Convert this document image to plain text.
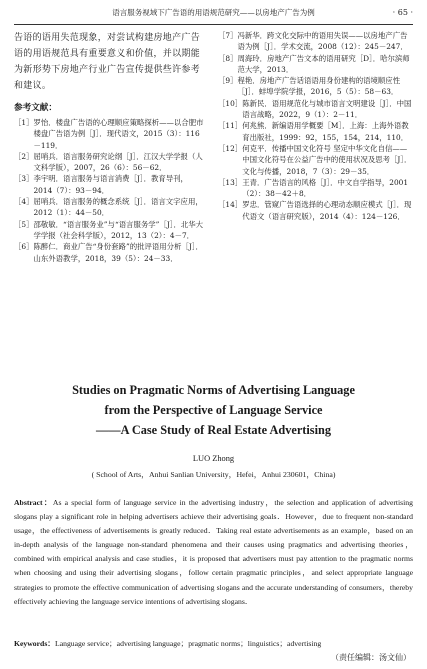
语言服务视域下广告语的用语规范研究——以房地产广告为例	· 65 ·

告语的语用失范现象，对尝试构建房地产广告语的用语规范具有重要意义和价值，并以期能为新形势下房地产行业广告宣传提供些许参考和建议。

参考文献：
［1］ 罗怡．楼盘广告语的心理顺应策略探析——以合肥市楼盘广告语为例［J］．现代语文，2015（3）：116－119．
［2］ 屈哨兵．语言服务研究论纲［J］．江汉大学学报（人文科学版），2007，26（6）：56－62．
［3］ 李宇明．语言服务与语言消费［J］．教育导刊，2014（7）：93－94．
［4］ 屈哨兵．语言服务的概念系统［J］．语言文字应用，2012（1）：44－50．
［5］ 邵敬敏．“语言服务业”与“语言服务学”［J］．北华大学学报（社会科学版），2012，13（2）：4－7．
［6］ 陈醉仁．商业广告“身份套路”的批评语用分析［J］．山东外语教学，2018，39（5）：24－33．
［7］ 冯新华．跨文化交际中的语用失误——以房地产广告语为例［J］．学术交流，2008（12）：245－247．
［8］ 周海玲．房地产广告文本的语用研究［D］．哈尔滨师范大学，2013．
［9］ 程艳．房地产广告话语语用身份建构的语境顺应性［J］．蚌埠学院学报，2016，5（5）：58－63．
［10］ 陈新民．语用规范化与城市语言文明建设［J］．中国语言战略，2022，9（1）：2－11．
［11］ 何兆熊．新编语用学概要［M］．上海：上海外语教育出版社，1999：92，155，154，214，110．
［12］ 何克平．传播中国文化符号 坚定中华文化自信——中国文化符号在公益广告中的使用状况及思考［J］．文化与传播，2018，7（3）：29－35．
［13］ 王青．广告语言的风格［J］．中文自学指导，2001（2）：38－42＋8．
［14］ 罗忠．管窥广告语选择的心理动态顺应模式［J］．现代语文（语言研究版），2014（4）：124－126．
Studies on Pragmatic Norms of Advertising Language
from the Perspective of Language Service
——A Case Study of Real Estate Advertising
LUO Zhong
( School of Arts，Anhui Sanlian University，Hefei，Anhui 230601，China)
Abstract：As a special form of language service in the advertising industry，the selection and application of advertising slogans play a significant role in helping advertisers achieve their advertising goals．However，due to frequent non-standard usage，the effectiveness of advertisements is greatly reduced．Taking real estate advertisements as an example，based on an in-depth analysis of the language non-standard phenomena and their causes using pragmatics and advertising theories，combined with empirical analysis and case studies，it is proposed that advertisers must pay attention to the pragmatic norms when choosing and using their advertising slogans，follow certain pragmatic principles，and select appropriate language strategies to promote the effective communication of advertising slogans and the accurate understanding of consumers，thereby effectively achieving the language service intentions of advertising slogans．
Keywords：Language service；advertising language；pragmatic norms；linguistics；advertising
（责任编辑：汤文仙）
